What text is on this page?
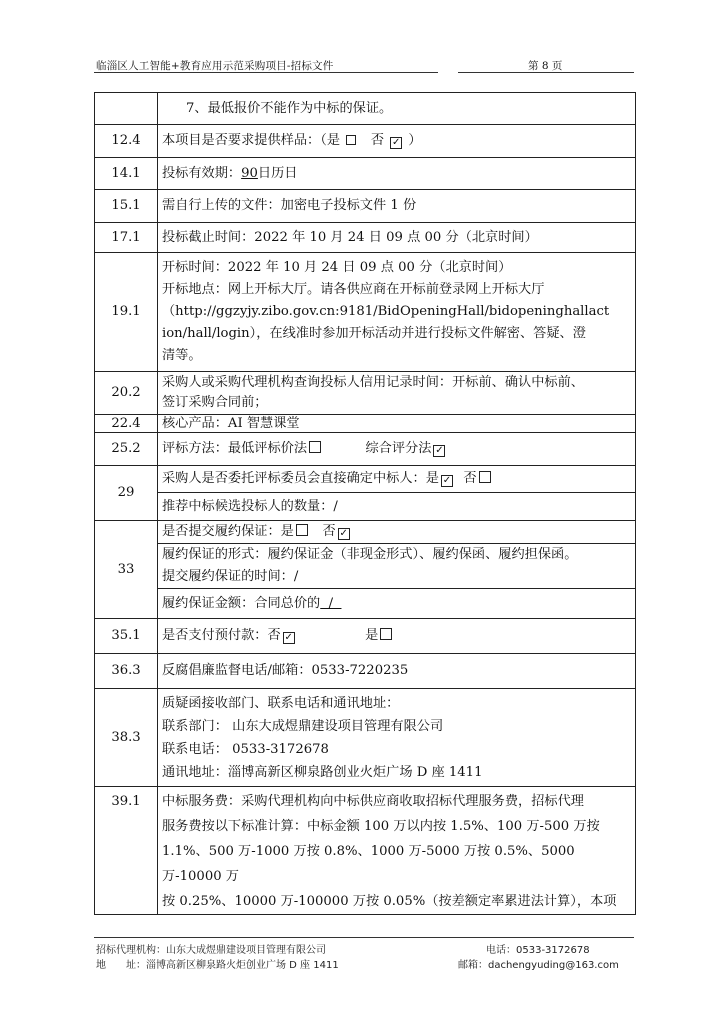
临淄区人工智能+教育应用示范采购项目-招标文件	第 8 页
	7、最低报价不能作为中标的保证。
12.4	本项目是否要求提供样品：（是 否 ✓ ）
14.1	投标有效期：90日历日
15.1	需自行上传的文件：加密电子投标文件 1 份
17.1	投标截止时间：2022 年 10 月 24 日 09 点 00 分（北京时间）
19.1	开标时间：2022 年 10 月 24 日 09 点 00 分（北京时间）
开标地点：网上开标大厅。请各供应商在开标前登录网上开标大厅
（http://ggzyjy.zibo.gov.cn:9181/BidOpeningHall/bidopeninghallact
ion/hall/login），在线准时参加开标活动并进行投标文件解密、答疑、澄
清等。

20.2	采购人或采购代理机构查询投标人信用记录时间：开标前、确认中标前、
签订采购合同前；

22.4	核心产品：AI 智慧课堂
25.2	评标方法：最低评标价法 综合评分法 ✓
29	采购人是否委托评标委员会直接确定中标人：是 ✓ 否
	推荐中标候选投标人的数量：/
33	是否提交履约保证：是 否 ✓

	履约保证的形式：履约保证金（非现金形式）、履约保函、履约担保函。
提交履约保证的时间：/

	履约保证金额：合同总价的  /
35.1	是否支付预付款：否 ✓ 是
36.3	反腐倡廉监督电话/邮箱：0533-7220235
38.3	质疑函接收部门、联系电话和通讯地址：
联系部门： 山东大成煜鼎建设项目管理有限公司
联系电话： 0533-3172678
通讯地址：淄博高新区柳泉路创业火炬广场 D 座 1411

39.1	中标服务费：采购代理机构向中标供应商收取招标代理服务费，招标代理
服务费按以下标准计算：中标金额 100 万以内按 1.5%、100 万-500 万按
1.1%、500 万-1000 万按 0.8%、1000 万-5000 万按 0.5%、5000 万-10000 万
按 0.25%、10000 万-100000 万按 0.05%（按差额定率累进法计算），本项
招标代理机构：山东大成煜鼎建设项目管理有限公司	电话：0533-3172678
地　　址：淄博高新区柳泉路火炬创业广场 D 座 1411	邮箱：dachengyuding@163.com
